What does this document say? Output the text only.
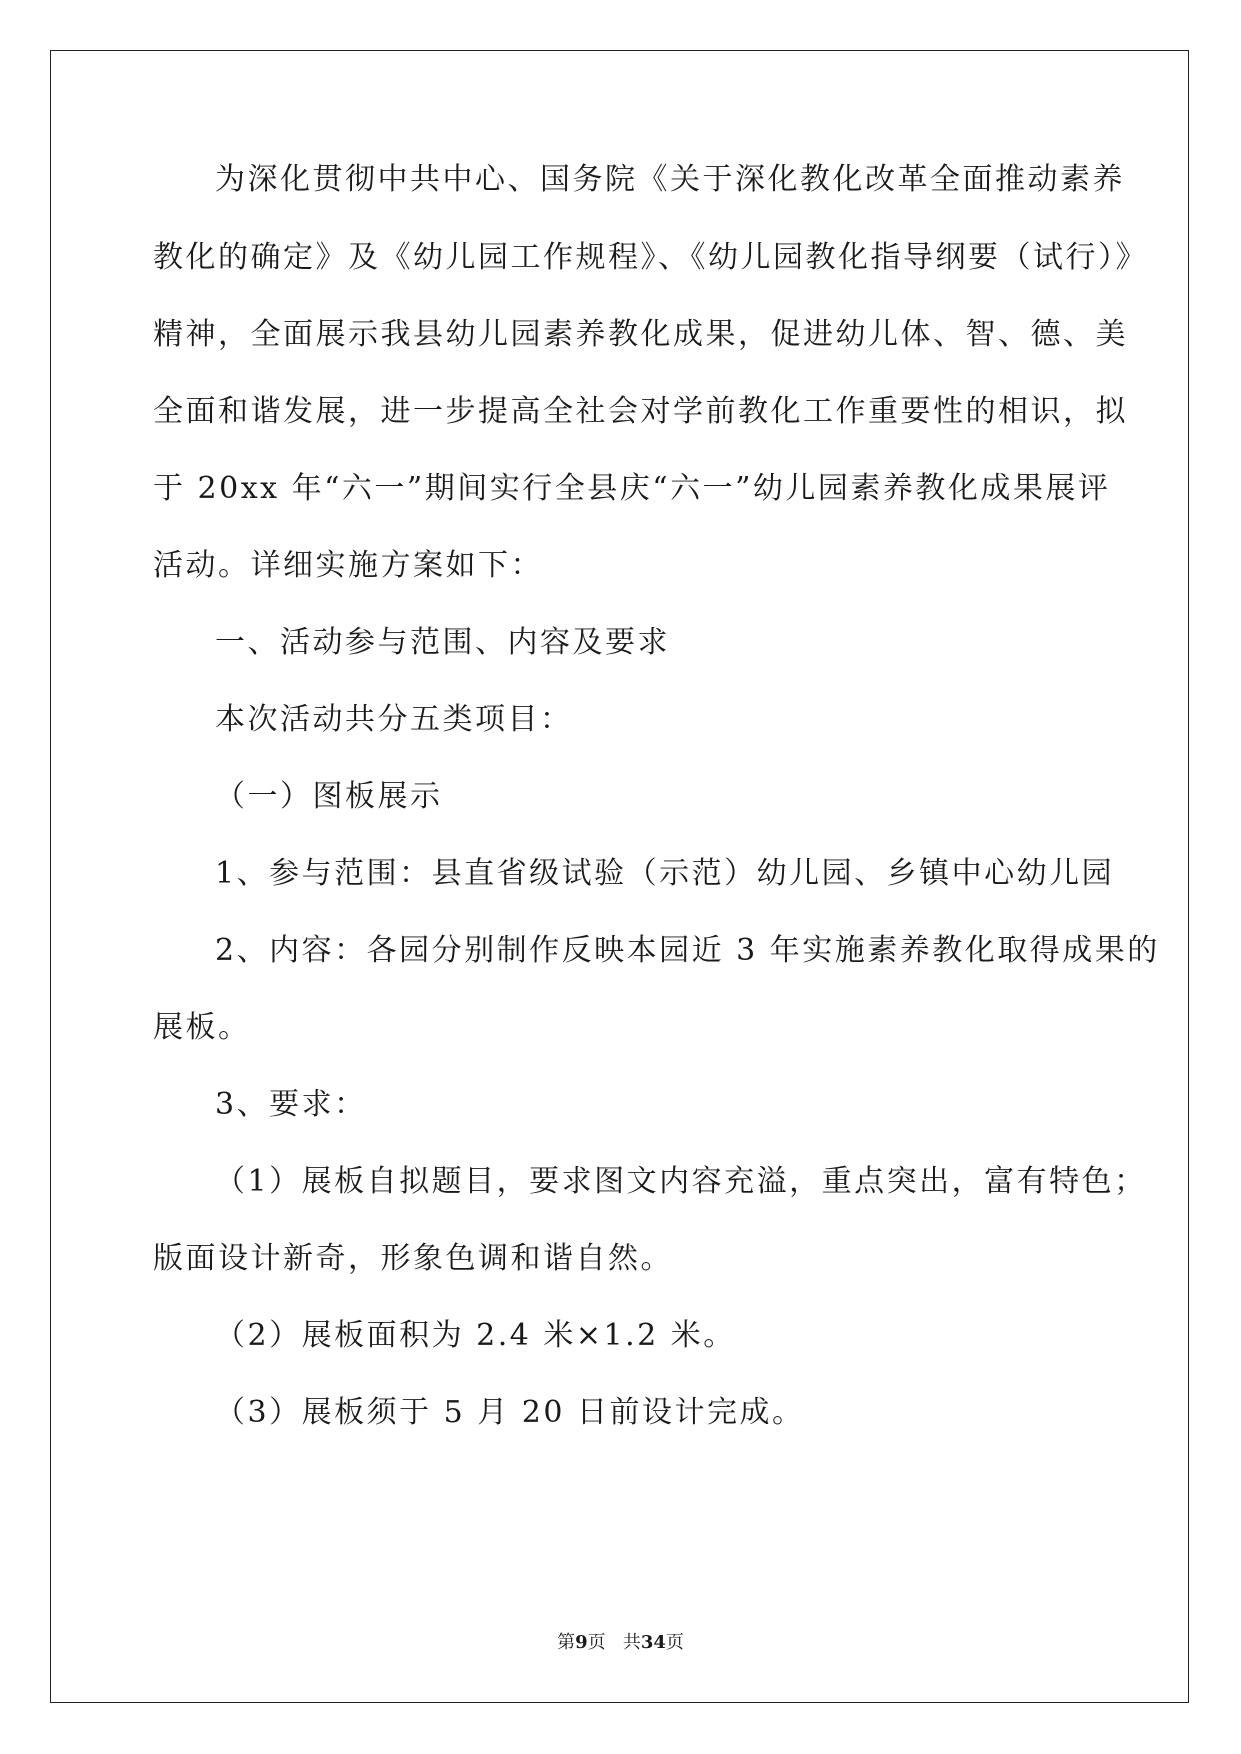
为深化贯彻中共中心、国务院《关于深化教化改革全面推动素养
教化的确定》及《幼儿园工作规程》、《幼儿园教化指导纲要（试行）》
精神，全面展示我县幼儿园素养教化成果，促进幼儿体、智、德、美
全面和谐发展，进一步提高全社会对学前教化工作重要性的相识，拟
于 20xx 年“六一”期间实行全县庆“六一”幼儿园素养教化成果展评
活动。详细实施方案如下：
一、活动参与范围、内容及要求
本次活动共分五类项目：
（一）图板展示
1、参与范围：县直省级试验（示范）幼儿园、乡镇中心幼儿园
2、内容：各园分别制作反映本园近 3 年实施素养教化取得成果的
展板。
3、要求：
（1）展板自拟题目，要求图文内容充溢，重点突出，富有特色；
版面设计新奇，形象色调和谐自然。
（2）展板面积为 2.4 米×1.2 米。
（3）展板须于 5 月 20 日前设计完成。
第9页 共34页
